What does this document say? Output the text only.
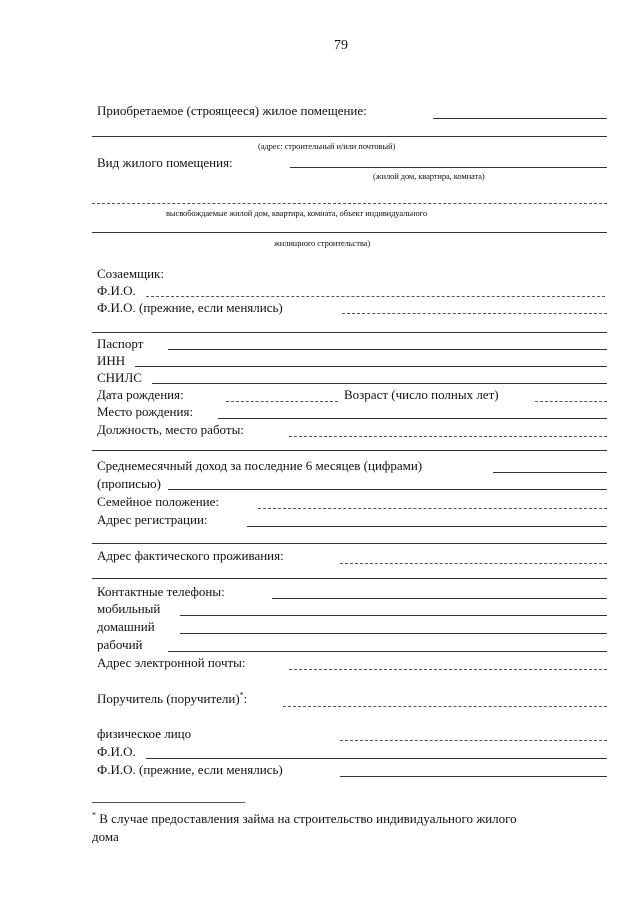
79
Приобретаемое (строящееся) жилое помещение:
(адрес: строительный и/или почтовый)
Вид жилого помещения:
(жилой дом, квартира, комната)
высвобождаемые жилой дом, квартира, комната, объект индивидуального
жилищного строительства)
Созаемщик:
Ф.И.О.
Ф.И.О. (прежние, если менялись)
Паспорт
ИНН
СНИЛС
Дата рождения:	Возраст (число полных лет)
Место рождения:
Должность, место работы:
Среднемесячный доход за последние 6 месяцев (цифрами)
(прописью)
Семейное положение:
Адрес регистрации:
Адрес фактического проживания:
Контактные телефоны:
мобильный
домашний
рабочий
Адрес электронной почты:
Поручитель (поручители)*:
физическое лицо
Ф.И.О.
Ф.И.О. (прежние, если менялись)
* В случае предоставления займа на строительство индивидуального жилого
дома
